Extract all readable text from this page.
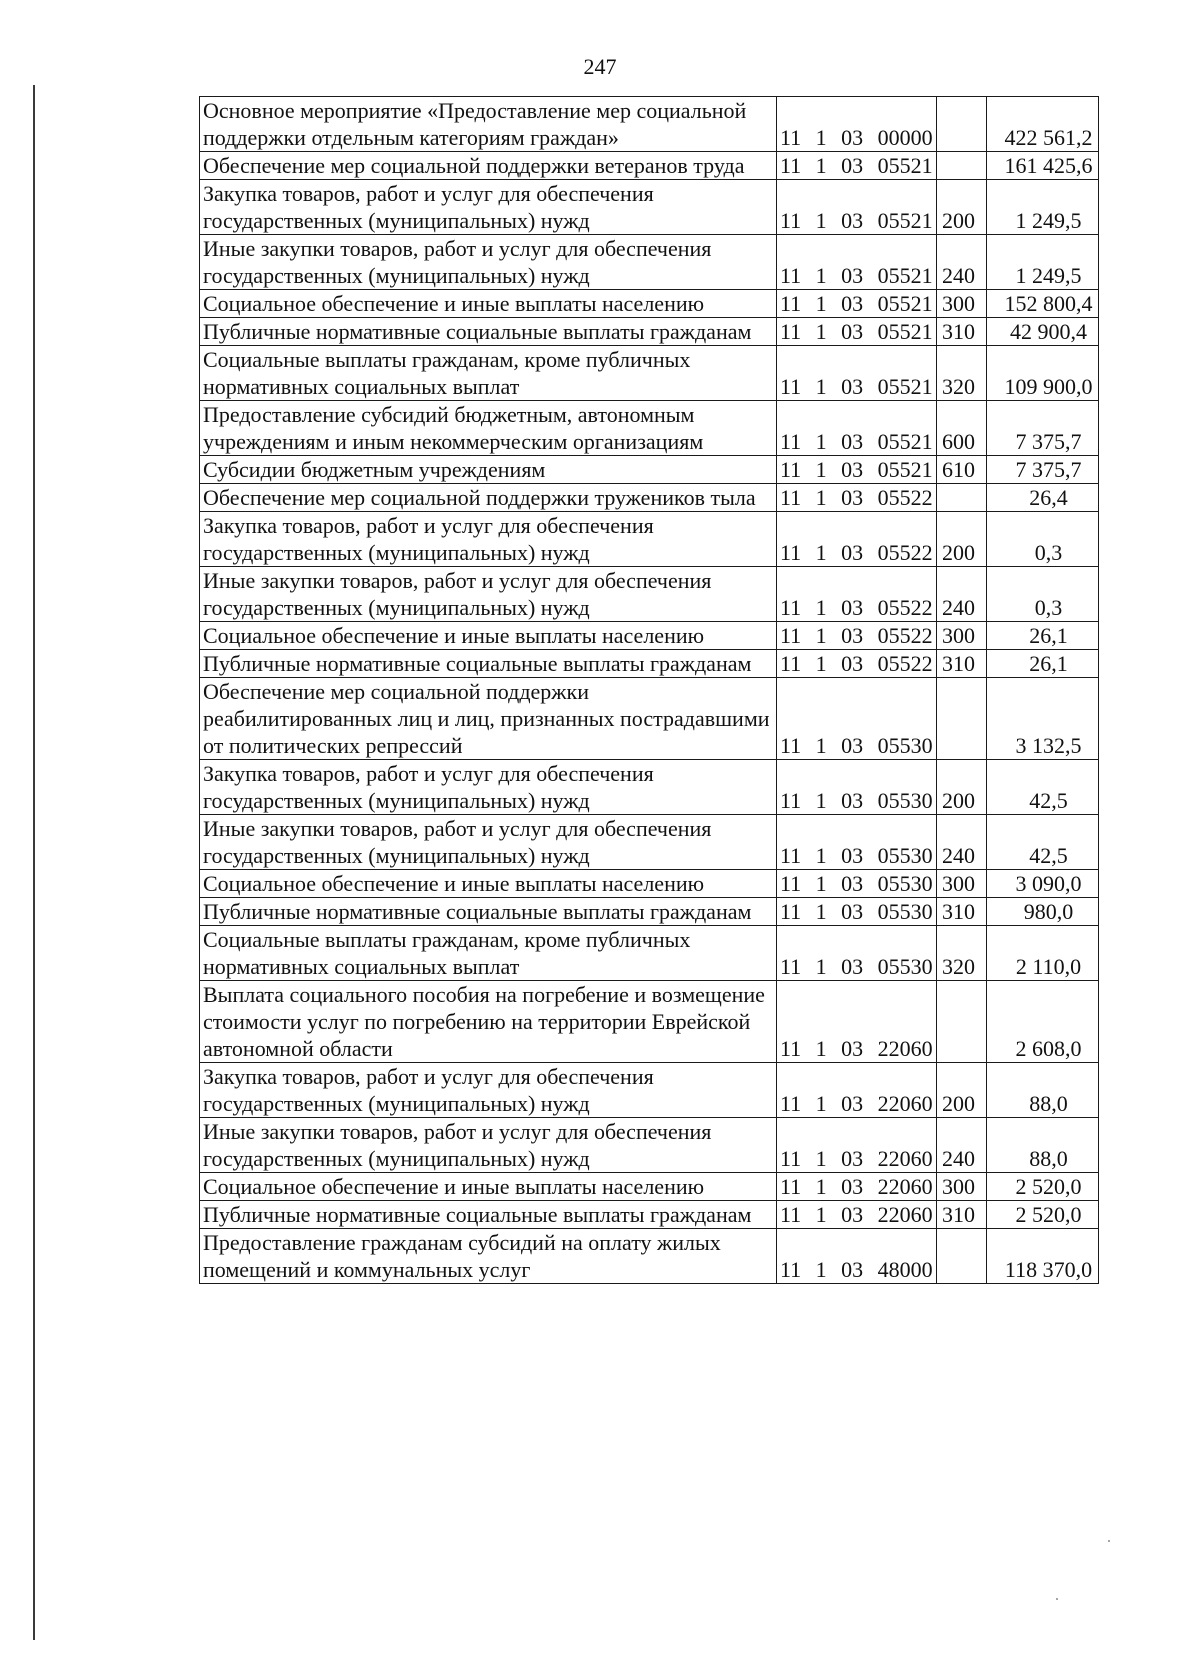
247
Основное мероприятие «Предоставление мер социальной поддержки отдельным категориям граждан»	11 1 03 00000		422 561,2
Обеспечение мер социальной поддержки ветеранов труда	11 1 03 05521		161 425,6
Закупка товаров, работ и услуг для обеспечения государственных (муниципальных) нужд	11 1 03 05521	200	1 249,5
Иные закупки товаров, работ и услуг для обеспечения государственных (муниципальных) нужд	11 1 03 05521	240	1 249,5
Социальное обеспечение и иные выплаты населению	11 1 03 05521	300	152 800,4
Публичные нормативные социальные выплаты гражданам	11 1 03 05521	310	42 900,4
Социальные выплаты гражданам, кроме публичных нормативных социальных выплат	11 1 03 05521	320	109 900,0
Предоставление субсидий бюджетным, автономным учреждениям и иным некоммерческим организациям	11 1 03 05521	600	7 375,7
Субсидии бюджетным учреждениям	11 1 03 05521	610	7 375,7
Обеспечение мер социальной поддержки тружеников тыла	11 1 03 05522		26,4
Закупка товаров, работ и услуг для обеспечения государственных (муниципальных) нужд	11 1 03 05522	200	0,3
Иные закупки товаров, работ и услуг для обеспечения государственных (муниципальных) нужд	11 1 03 05522	240	0,3
Социальное обеспечение и иные выплаты населению	11 1 03 05522	300	26,1
Публичные нормативные социальные выплаты гражданам	11 1 03 05522	310	26,1
Обеспечение мер социальной поддержки реабилитированных лиц и лиц, признанных пострадавшими от политических репрессий	11 1 03 05530		3 132,5
Закупка товаров, работ и услуг для обеспечения государственных (муниципальных) нужд	11 1 03 05530	200	42,5
Иные закупки товаров, работ и услуг для обеспечения государственных (муниципальных) нужд	11 1 03 05530	240	42,5
Социальное обеспечение и иные выплаты населению	11 1 03 05530	300	3 090,0
Публичные нормативные социальные выплаты гражданам	11 1 03 05530	310	980,0
Социальные выплаты гражданам, кроме публичных нормативных социальных выплат	11 1 03 05530	320	2 110,0
Выплата социального пособия на погребение и возмещение стоимости услуг по погребению на территории Еврейской автономной области	11 1 03 22060		2 608,0
Закупка товаров, работ и услуг для обеспечения государственных (муниципальных) нужд	11 1 03 22060	200	88,0
Иные закупки товаров, работ и услуг для обеспечения государственных (муниципальных) нужд	11 1 03 22060	240	88,0
Социальное обеспечение и иные выплаты населению	11 1 03 22060	300	2 520,0
Публичные нормативные социальные выплаты гражданам	11 1 03 22060	310	2 520,0
Предоставление гражданам субсидий на оплату жилых помещений и коммунальных услуг	11 1 03 48000		118 370,0
